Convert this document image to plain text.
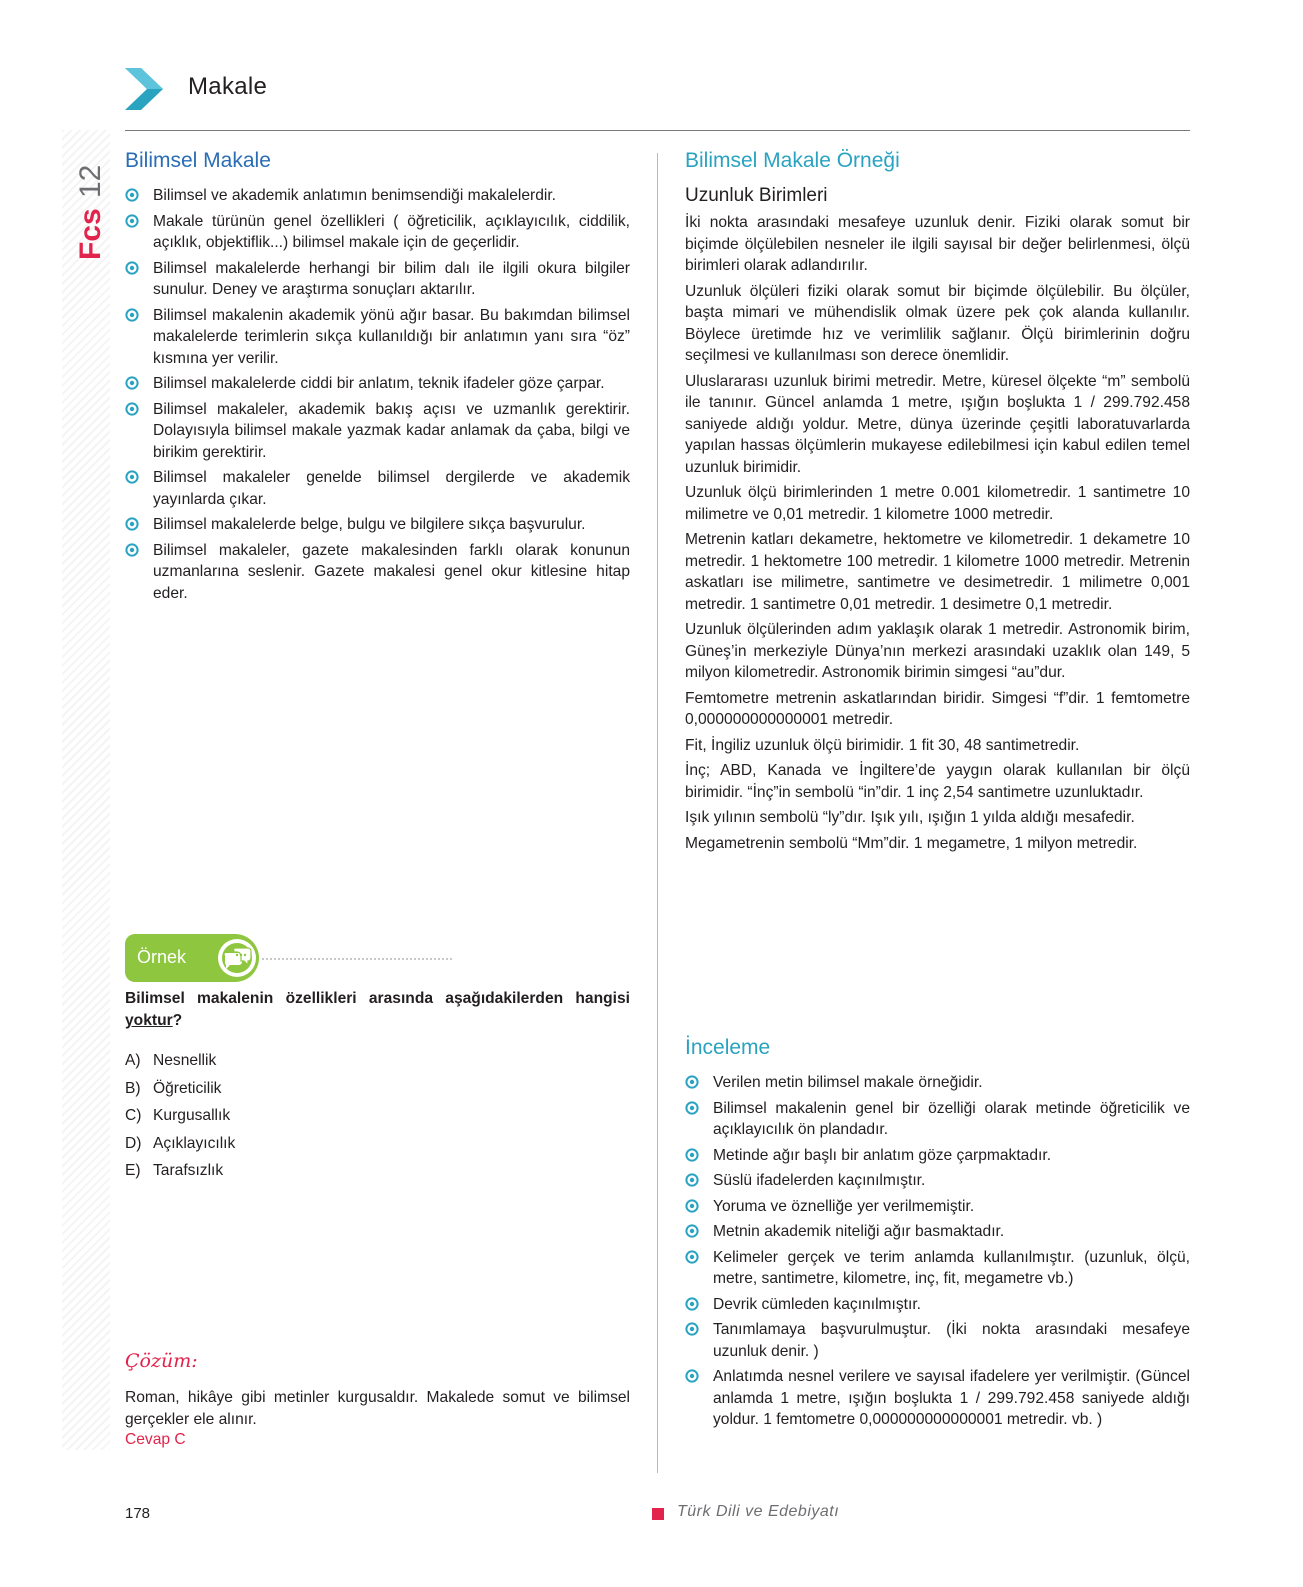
Fcs
12
Makale
Bilimsel Makale
Bilimsel ve akademik anlatımın benimsendiği makalelerdir.
Makale türünün genel özellikleri ( öğreticilik, açıklayıcılık, ciddilik, açıklık, objektiflik...) bilimsel makale için de geçerlidir.
Bilimsel makalelerde herhangi bir bilim dalı ile ilgili okura bilgiler sunulur. Deney ve araştırma sonuçları aktarılır.
Bilimsel makalenin akademik yönü ağır basar. Bu bakımdan bilimsel makalelerde terimlerin sıkça kullanıldığı bir anlatımın yanı sıra “öz” kısmına yer verilir.
Bilimsel makalelerde ciddi bir anlatım, teknik ifadeler göze çarpar.
Bilimsel makaleler, akademik bakış açısı ve uzmanlık gerektirir. Dolayısıyla bilimsel makale yazmak kadar anlamak da çaba, bilgi ve birikim gerektirir.
Bilimsel makaleler genelde bilimsel dergilerde ve akademik yayınlarda çıkar.
Bilimsel makalelerde belge, bulgu ve bilgilere sıkça başvurulur.
Bilimsel makaleler, gazete makalesinden farklı olarak konunun uzmanlarına seslenir. Gazete makalesi genel okur kitlesine hitap eder.
Örnek
Bilimsel makalenin özellikleri arasında aşağıdakilerden hangisi yoktur?
A) Nesnellik
B) Öğreticilik
C) Kurgusallık
D) Açıklayıcılık
E) Tarafsızlık
Çözüm:
Roman, hikâye gibi metinler kurgusaldır. Makalede somut ve bilimsel gerçekler ele alınır.
Cevap C
Bilimsel Makale Örneği
Uzunluk Birimleri

İki nokta arasındaki mesafeye uzunluk denir. Fiziki olarak somut bir biçimde ölçülebilen nesneler ile ilgili sayısal bir değer belirlenmesi, ölçü birimleri olarak adlandırılır.

Uzunluk ölçüleri fiziki olarak somut bir biçimde ölçülebilir. Bu ölçüler, başta mimari ve mühendislik olmak üzere pek çok alanda kullanılır. Böylece üretimde hız ve verimlilik sağlanır. Ölçü birimlerinin doğru seçilmesi ve kullanılması son derece önemlidir.

Uluslararası uzunluk birimi metredir. Metre, küresel ölçekte “m” sembolü ile tanınır. Güncel anlamda 1 metre, ışığın boşlukta 1 / 299.792.458 saniyede aldığı yoldur. Metre, dünya üzerinde çeşitli laboratuvarlarda yapılan hassas ölçümlerin mukayese edilebilmesi için kabul edilen temel uzunluk birimidir.

Uzunluk ölçü birimlerinden 1 metre 0.001 kilometredir. 1 santimetre 10 milimetre ve 0,01 metredir. 1 kilometre 1000 metredir.

Metrenin katları dekametre, hektometre ve kilometredir. 1 dekametre 10 metredir. 1 hektometre 100 metredir. 1 kilometre 1000 metredir. Metrenin askatları ise milimetre, santimetre ve desimetredir. 1 milimetre 0,001 metredir. 1 santimetre 0,01 metredir. 1 desimetre 0,1 metredir.

Uzunluk ölçülerinden adım yaklaşık olarak 1 metredir. Astronomik birim, Güneş’in merkeziyle Dünya’nın merkezi arasındaki uzaklık olan 149, 5 milyon kilometredir. Astronomik birimin simgesi “au”dur.

Femtometre metrenin askatlarından biridir. Simgesi “f”dir. 1 femtometre 0,000000000000001 metredir.

Fit, İngiliz uzunluk ölçü birimidir. 1 fit 30, 48 santimetredir.

İnç; ABD, Kanada ve İngiltere’de yaygın olarak kullanılan bir ölçü birimidir. “İnç”in sembolü “in”dir. 1 inç 2,54 santimetre uzunluktadır.

Işık yılının sembolü “ly”dır. Işık yılı, ışığın 1 yılda aldığı mesafedir.

Megametrenin sembolü “Mm”dir. 1 megametre, 1 milyon metredir.

İnceleme
Verilen metin bilimsel makale örneğidir.
Bilimsel makalenin genel bir özelliği olarak metinde öğreticilik ve açıklayıcılık ön plandadır.
Metinde ağır başlı bir anlatım göze çarpmaktadır.
Süslü ifadelerden kaçınılmıştır.
Yoruma ve öznelliğe yer verilmemiştir.
Metnin akademik niteliği ağır basmaktadır.
Kelimeler gerçek ve terim anlamda kullanılmıştır. (uzunluk, ölçü, metre, santimetre, kilometre, inç, fit, megametre vb.)
Devrik cümleden kaçınılmıştır.
Tanımlamaya başvurulmuştur. (İki nokta arasındaki mesafeye uzunluk denir. )
Anlatımda nesnel verilere ve sayısal ifadelere yer verilmiştir. (Güncel anlamda 1 metre, ışığın boşlukta 1 / 299.792.458 saniyede aldığı yoldur. 1 femtometre 0,000000000000001 metredir. vb. )
178	Türk Dili ve Edebiyatı
